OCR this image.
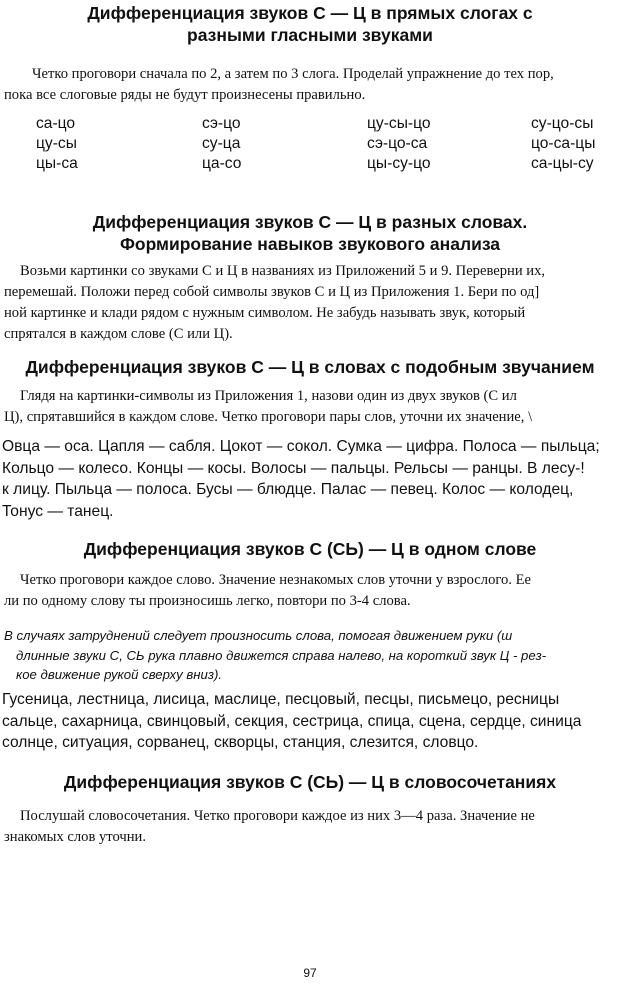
Дифференциация звуков С — Ц в прямых слогах с
разными гласными звуками

Четко проговори сначала по 2, а затем по 3 слога. Проделай упражнение до тех пор,
пока все слоговые ряды не будут произнесены правильно.

са-цо
цу-сы
цы-са
сэ-цо
су-ца
ца-со
цу-сы-цо
сэ-цо-са
цы-су-цо
су-цо-сы
цо-са-цы
са-цы-су
Дифференциация звуков С — Ц в разных словах.
Формирование навыков звукового анализа

Возьми картинки со звуками С и Ц в названиях из Приложений 5 и 9. Переверни их,
перемешай. Положи перед собой символы звуков С и Ц из Приложения 1. Бери по од]
ной картинке и клади рядом с нужным символом. Не забудь называть звук, который
спрятался в каждом слове (С или Ц).

Дифференциация звуков С — Ц в словах с подобным звучанием

Глядя на картинки-символы из Приложения 1, назови один из двух звуков (С ил
Ц), спрятавшийся в каждом слове. Четко проговори пары слов, уточни их значение, \

Овца — оса. Цапля — сабля. Цокот — сокол. Сумка — цифра. Полоса — пыльца;
Кольцо — колесо. Концы — косы. Волосы — пальцы. Рельсы — ранцы. В лесу-!
к лицу. Пыльца — полоса. Бусы — блюдце. Палас — певец. Колос — колодец,
Тонус — танец.

Дифференциация звуков С (СЬ) — Ц в одном слове

Четко проговори каждое слово. Значение незнакомых слов уточни у взрослого. Ее
ли по одному слову ты произносишь легко, повтори по 3-4 слова.

В случаях затруднений следует произносить слова, помогая движением руки (ш
длинные звуки С, СЬ рука плавно движется справа налево, на короткий звук Ц - рез-
кое движение рукой сверху вниз).

Гусеница, лестница, лисица, маслице, песцовый, песцы, письмецо, ресницы
сальце, сахарница, свинцовый, секция, сестрица, спица, сцена, сердце, синица
солнце, ситуация, сорванец, скворцы, станция, слезится, словцо.

Дифференциация звуков С (СЬ) — Ц в словосочетаниях

Послушай словосочетания. Четко проговори каждое из них 3—4 раза. Значение не
знакомых слов уточни.

97
